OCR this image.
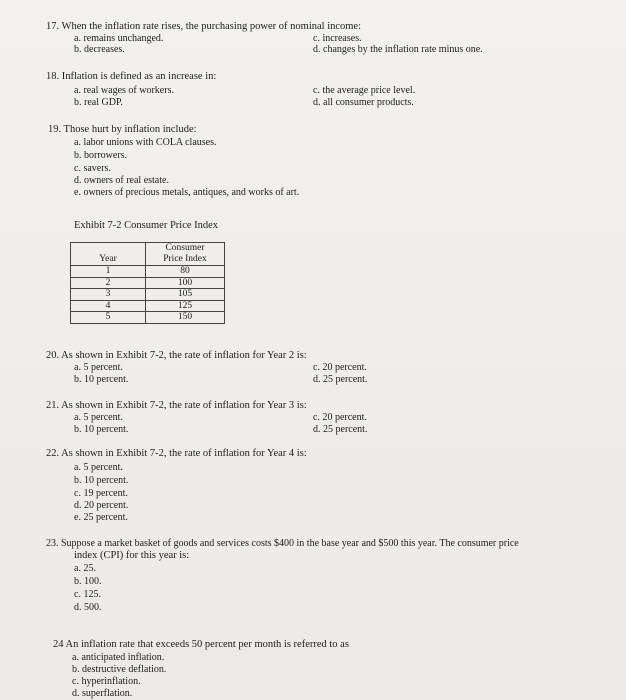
17. When the inflation rate rises, the purchasing power of nominal income:
a. remains unchanged.
b. decreases.
c. increases.
d. changes by the inflation rate minus one.
18. Inflation is defined as an increase in:
a. real wages of workers.
b. real GDP.
c. the average price level.
d. all consumer products.
19. Those hurt by inflation include:
a. labor unions with COLA clauses.
b. borrowers.
c. savers.
d. owners of real estate.
e. owners of precious metals, antiques, and works of art.
Exhibit 7-2 Consumer Price Index
Year	Consumer
Price Index

1	80
2	100
3	105
4	125
5	150
20. As shown in Exhibit 7-2, the rate of inflation for Year 2 is:
a. 5 percent.
b. 10 percent.
c. 20 percent.
d. 25 percent.
21. As shown in Exhibit 7-2, the rate of inflation for Year 3 is:
a. 5 percent.
b. 10 percent.
c. 20 percent.
d. 25 percent.
22. As shown in Exhibit 7-2, the rate of inflation for Year 4 is:
a. 5 percent.
b. 10 percent.
c. 19 percent.
d. 20 percent.
e. 25 percent.
23. Suppose a market basket of goods and services costs $400 in the base year and $500 this year. The consumer price
index (CPI) for this year is:
a. 25.
b. 100.
c. 125.
d. 500.
24 An inflation rate that exceeds 50 percent per month is referred to as
a. anticipated inflation.
b. destructive deflation.
c. hyperinflation.
d. superflation.
